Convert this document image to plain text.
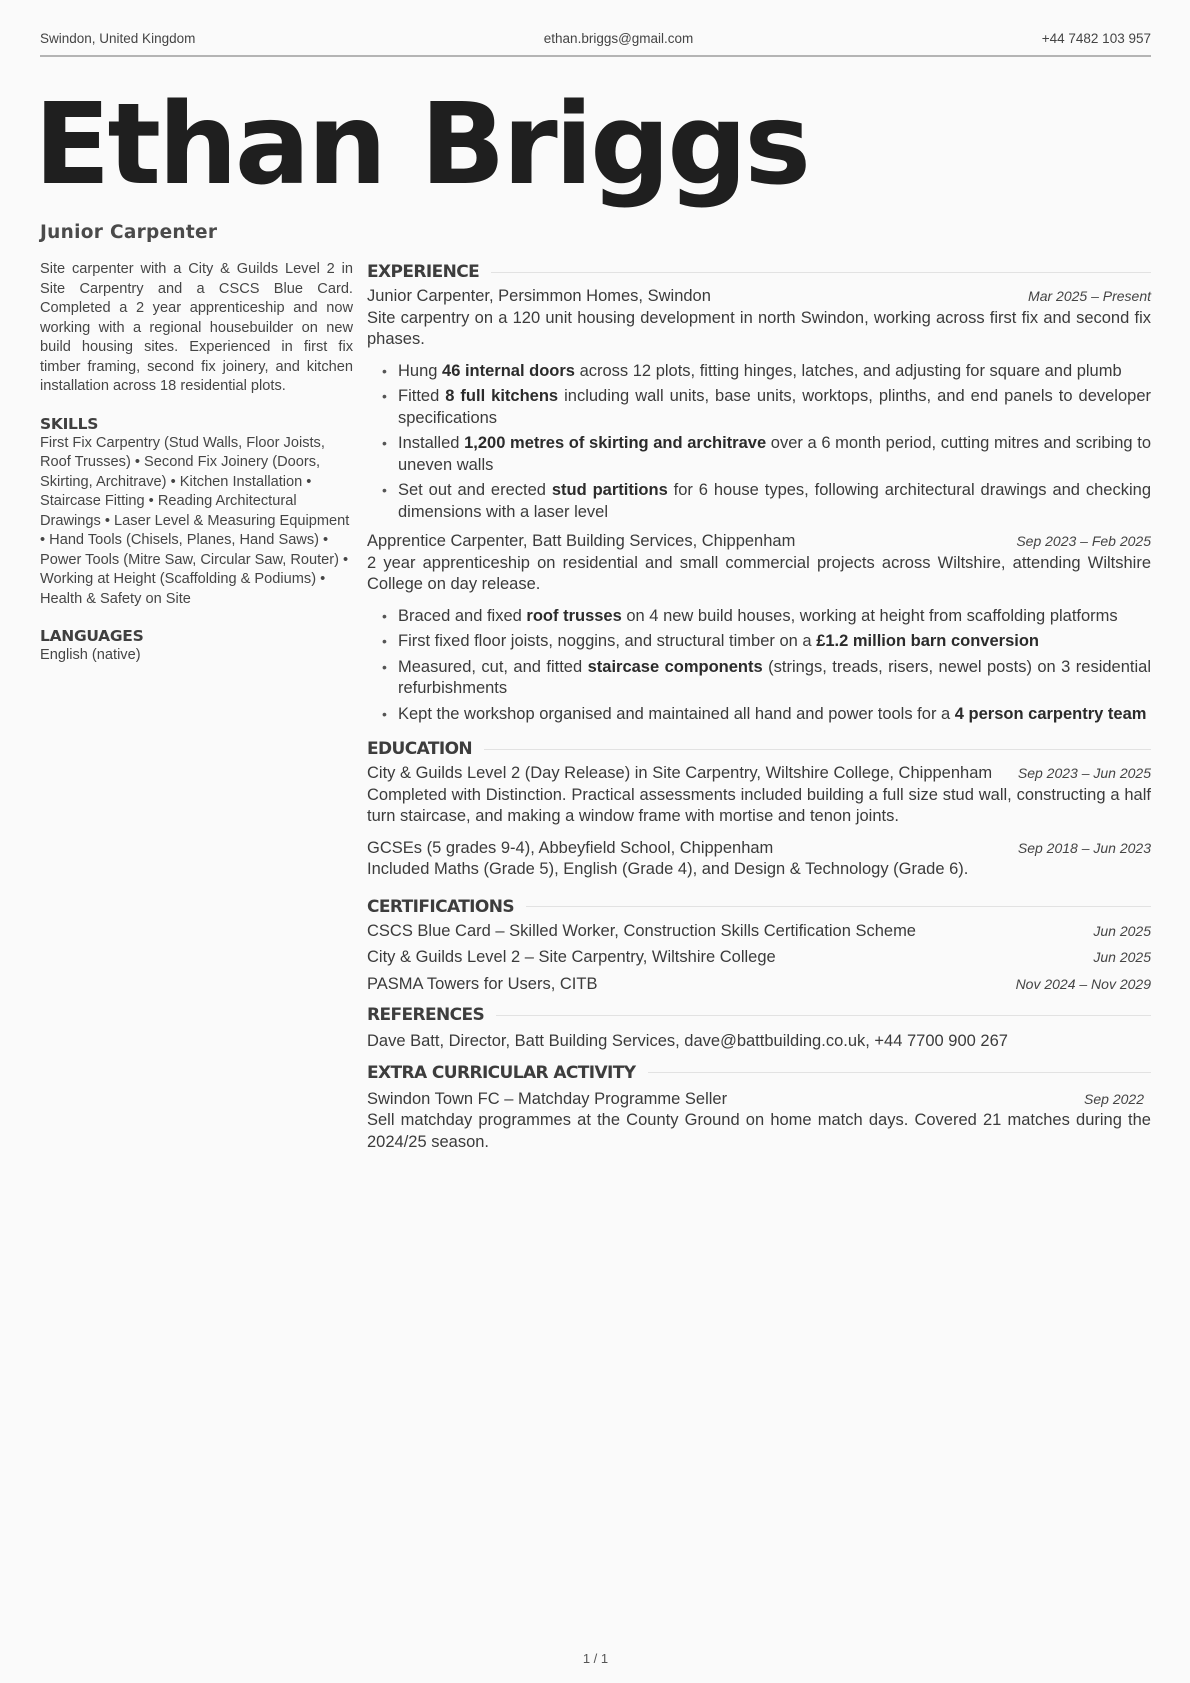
Swindon, United Kingdom	ethan.briggs@gmail.com	+44 7482 103 957
Ethan Briggs
Junior Carpenter

Site carpenter with a City & Guilds Level 2 in Site Carpentry and a CSCS Blue Card. Completed a 2 year apprenticeship and now working with a regional housebuilder on new build housing sites. Experienced in first fix timber framing, second fix joinery, and kitchen installation across 18 residential plots.

SKILLS

First Fix Carpentry (Stud Walls, Floor Joists, Roof Trusses) • Second Fix Joinery (Doors, Skirting, Architrave) • Kitchen Installation • Staircase Fitting • Reading Architectural Drawings • Laser Level & Measuring Equipment • Hand Tools (Chisels, Planes, Hand Saws) • Power Tools (Mitre Saw, Circular Saw, Router) • Working at Height (Scaffolding & Podiums) • Health & Safety on Site

LANGUAGES

English (native)

EXPERIENCE
Junior Carpenter, Persimmon Homes, Swindon	Mar 2025 – Present

Site carpentry on a 120 unit housing development in north Swindon, working across first fix and second fix phases.

• Hung 46 internal doors across 12 plots, fitting hinges, latches, and adjusting for square and plumb
• Fitted 8 full kitchens including wall units, base units, worktops, plinths, and end panels to developer specifications
• Installed 1,200 metres of skirting and architrave over a 6 month period, cutting mitres and scribing to uneven walls
• Set out and erected stud partitions for 6 house types, following architectural drawings and checking dimensions with a laser level
Apprentice Carpenter, Batt Building Services, Chippenham	Sep 2023 – Feb 2025

2 year apprenticeship on residential and small commercial projects across Wiltshire, attending Wiltshire College on day release.

• Braced and fixed roof trusses on 4 new build houses, working at height from scaffolding platforms
• First fixed floor joists, noggins, and structural timber on a £1.2 million barn conversion
• Measured, cut, and fitted staircase components (strings, treads, risers, newel posts) on 3 residential refurbishments
• Kept the workshop organised and maintained all hand and power tools for a 4 person carpentry team
EDUCATION
City & Guilds Level 2 (Day Release) in Site Carpentry, Wiltshire College, Chippenham	Sep 2023 – Jun 2025

Completed with Distinction. Practical assessments included building a full size stud wall, constructing a half turn staircase, and making a window frame with mortise and tenon joints.

GCSEs (5 grades 9-4), Abbeyfield School, Chippenham	Sep 2018 – Jun 2023

Included Maths (Grade 5), English (Grade 4), and Design & Technology (Grade 6).

CERTIFICATIONS
CSCS Blue Card – Skilled Worker, Construction Skills Certification Scheme	Jun 2025
City & Guilds Level 2 – Site Carpentry, Wiltshire College	Jun 2025
PASMA Towers for Users, CITB	Nov 2024 – Nov 2029
REFERENCES

Dave Batt, Director, Batt Building Services, dave@battbuilding.co.uk, +44 7700 900 267

EXTRA CURRICULAR ACTIVITY
Swindon Town FC – Matchday Programme Seller	Sep 2022

Sell matchday programmes at the County Ground on home match days. Covered 21 matches during the 2024/25 season.

1 / 1
